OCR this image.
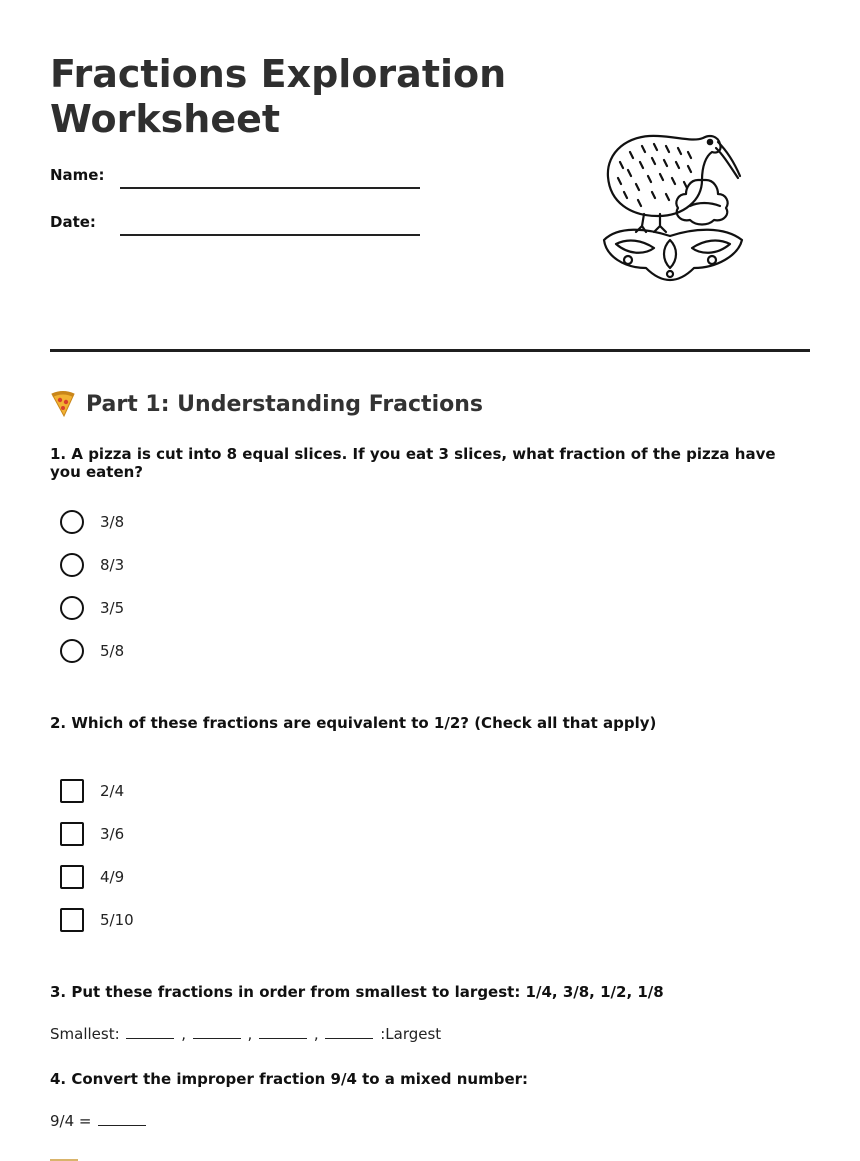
Fractions Exploration Worksheet
Name:
Date:
Part 1: Understanding Fractions
1. A pizza is cut into 8 equal slices. If you eat 3 slices, what fraction of the pizza have you eaten?
3/8
8/3
3/5
5/8
2. Which of these fractions are equivalent to 1/2? (Check all that apply)
2/4
3/6
4/9
5/10
3. Put these fractions in order from smallest to largest: 1/4, 3/8, 1/2, 1/8
Smallest:	,	,	,	:Largest
4. Convert the improper fraction 9/4 to a mixed number:
9/4 =
